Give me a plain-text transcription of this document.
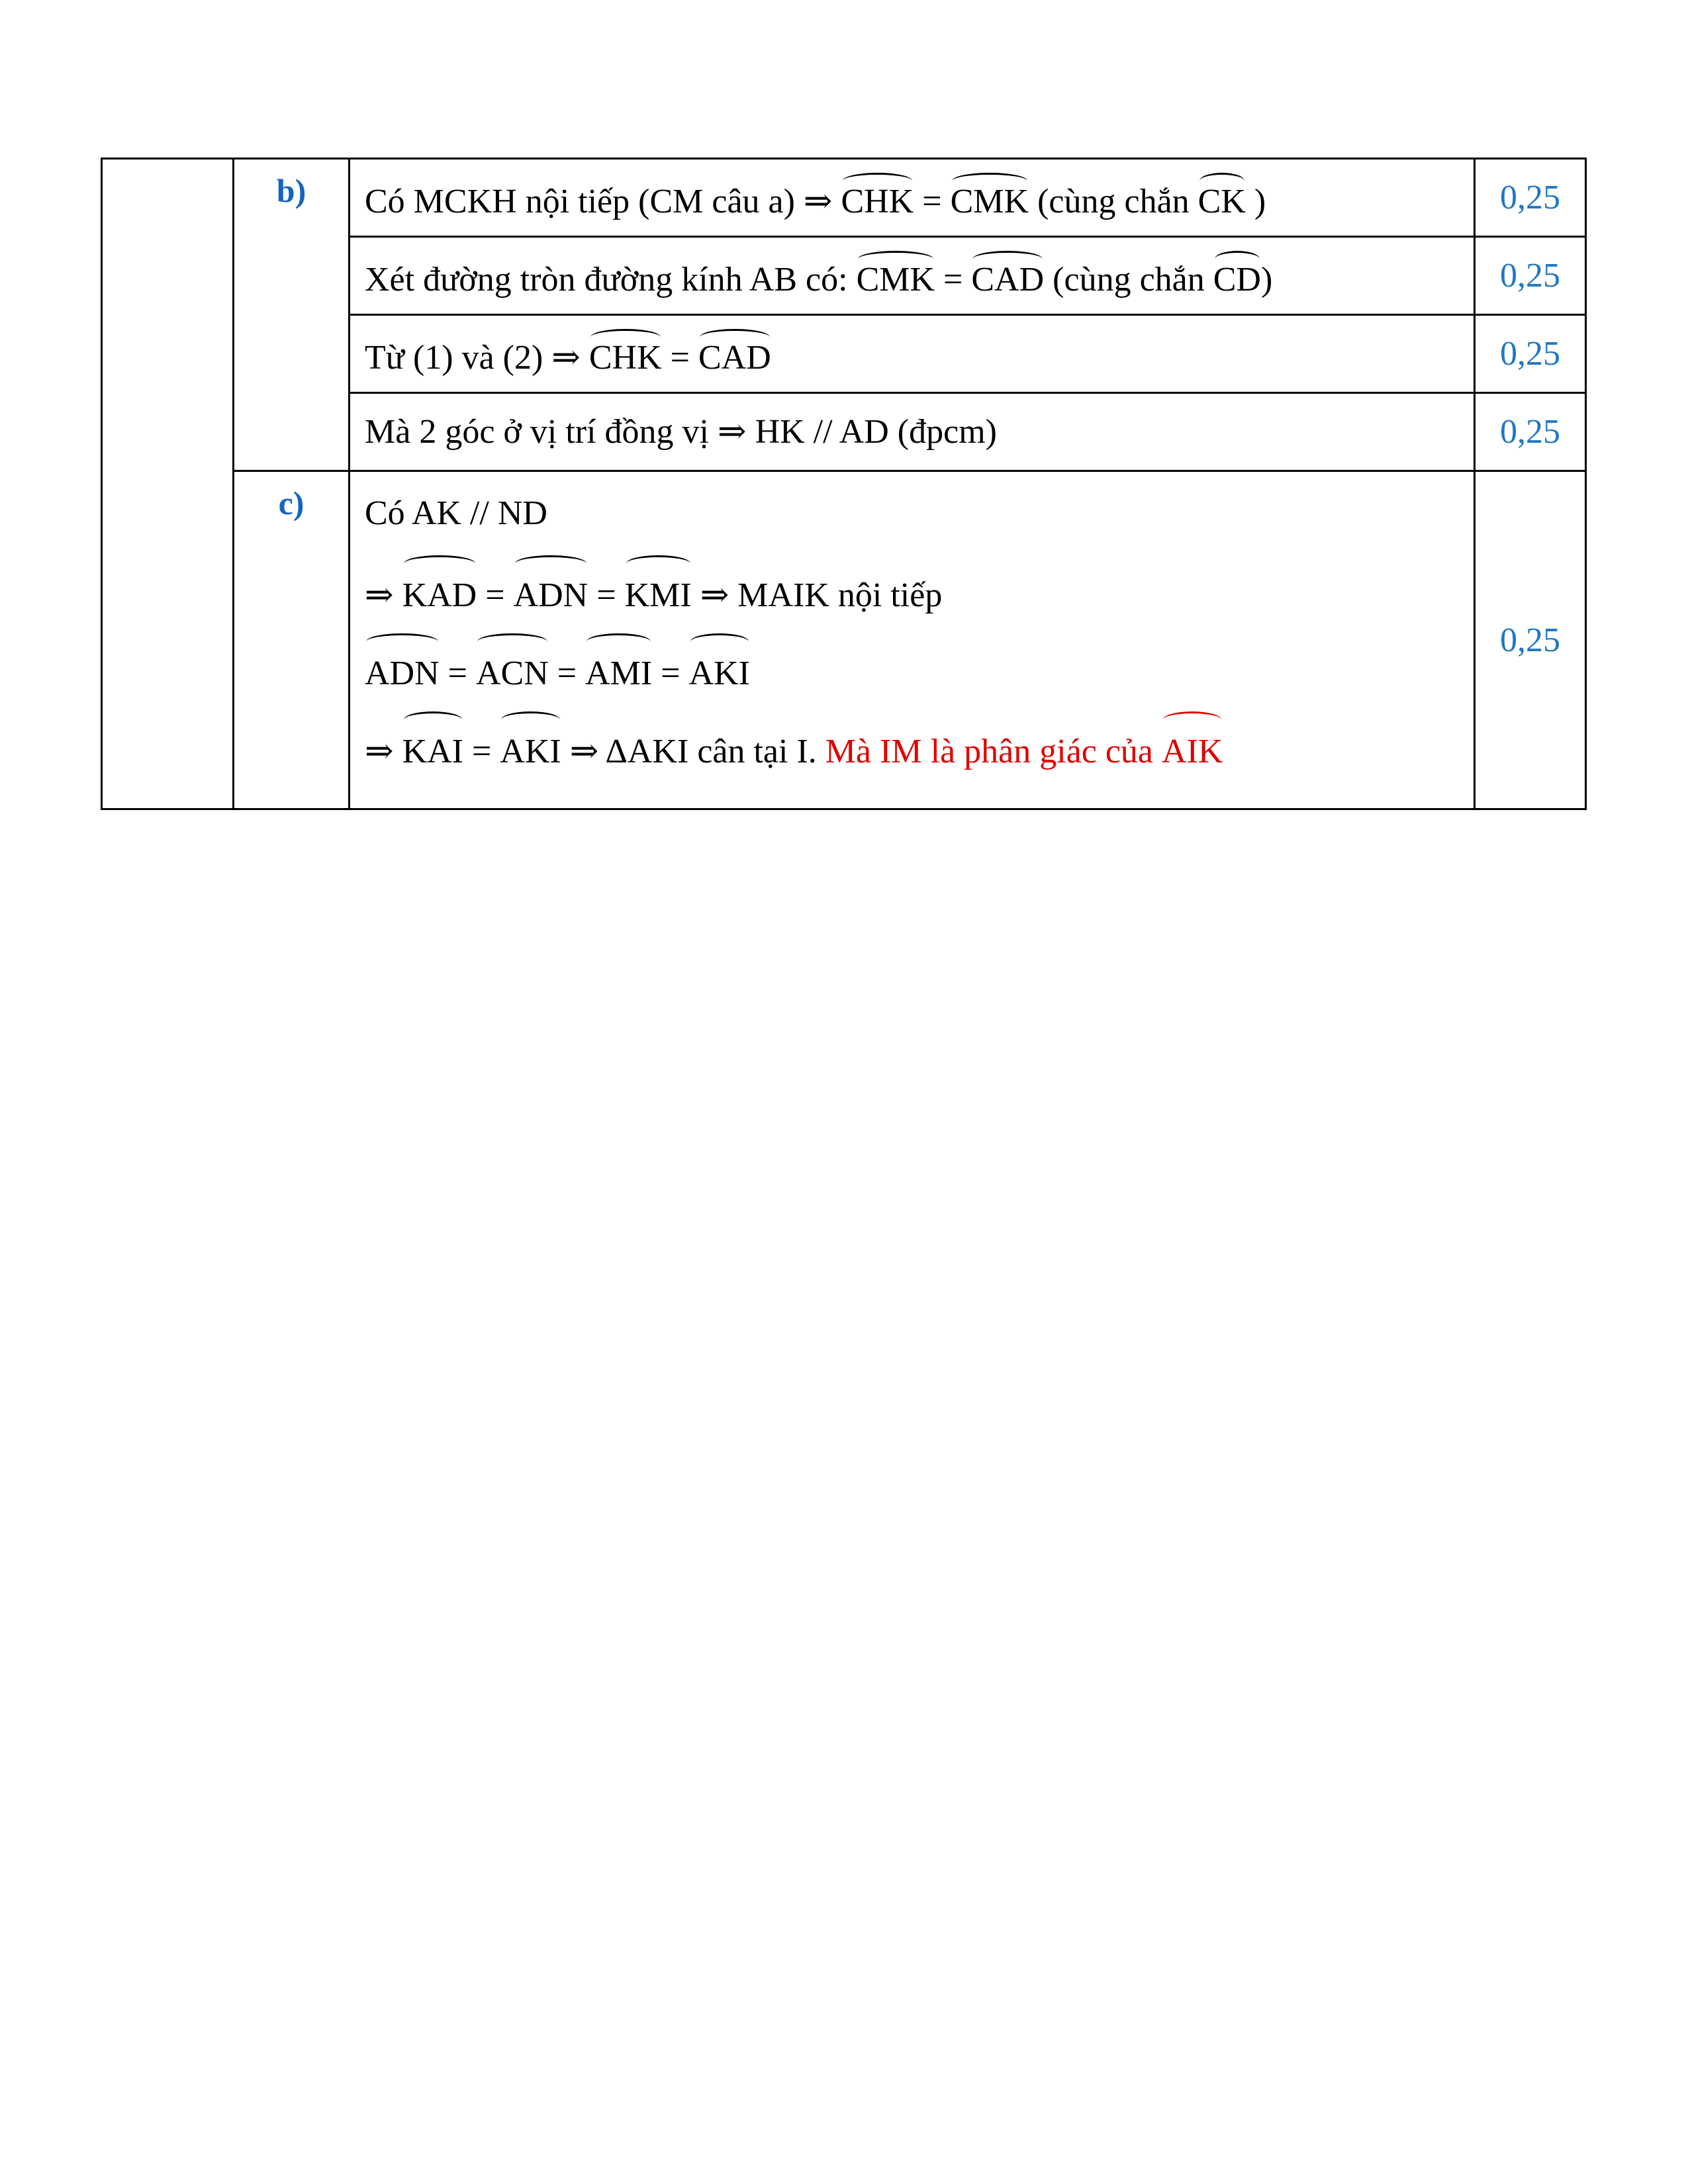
	b)	Có MCKH nội tiếp (CM câu a) ⇒ CHK = CMK (cùng chắn CK )	0,25
		Xét đường tròn đường kính AB có: CMK = CAD (cùng chắn CD)	0,25
		Từ (1) và (2) ⇒ CHK = CAD	0,25
		Mà 2 góc ở vị trí đồng vị ⇒ HK // AD (đpcm)	0,25
	c)	Có AK // ND
⇒ KAD = ADN = KMI ⇒ MAIK nội tiếp
ADN = ACN = AMI = AKI
⇒ KAI = AKI ⇒ ΔAKI cân tại I. Mà IM là phân giác của AIK	0,25
